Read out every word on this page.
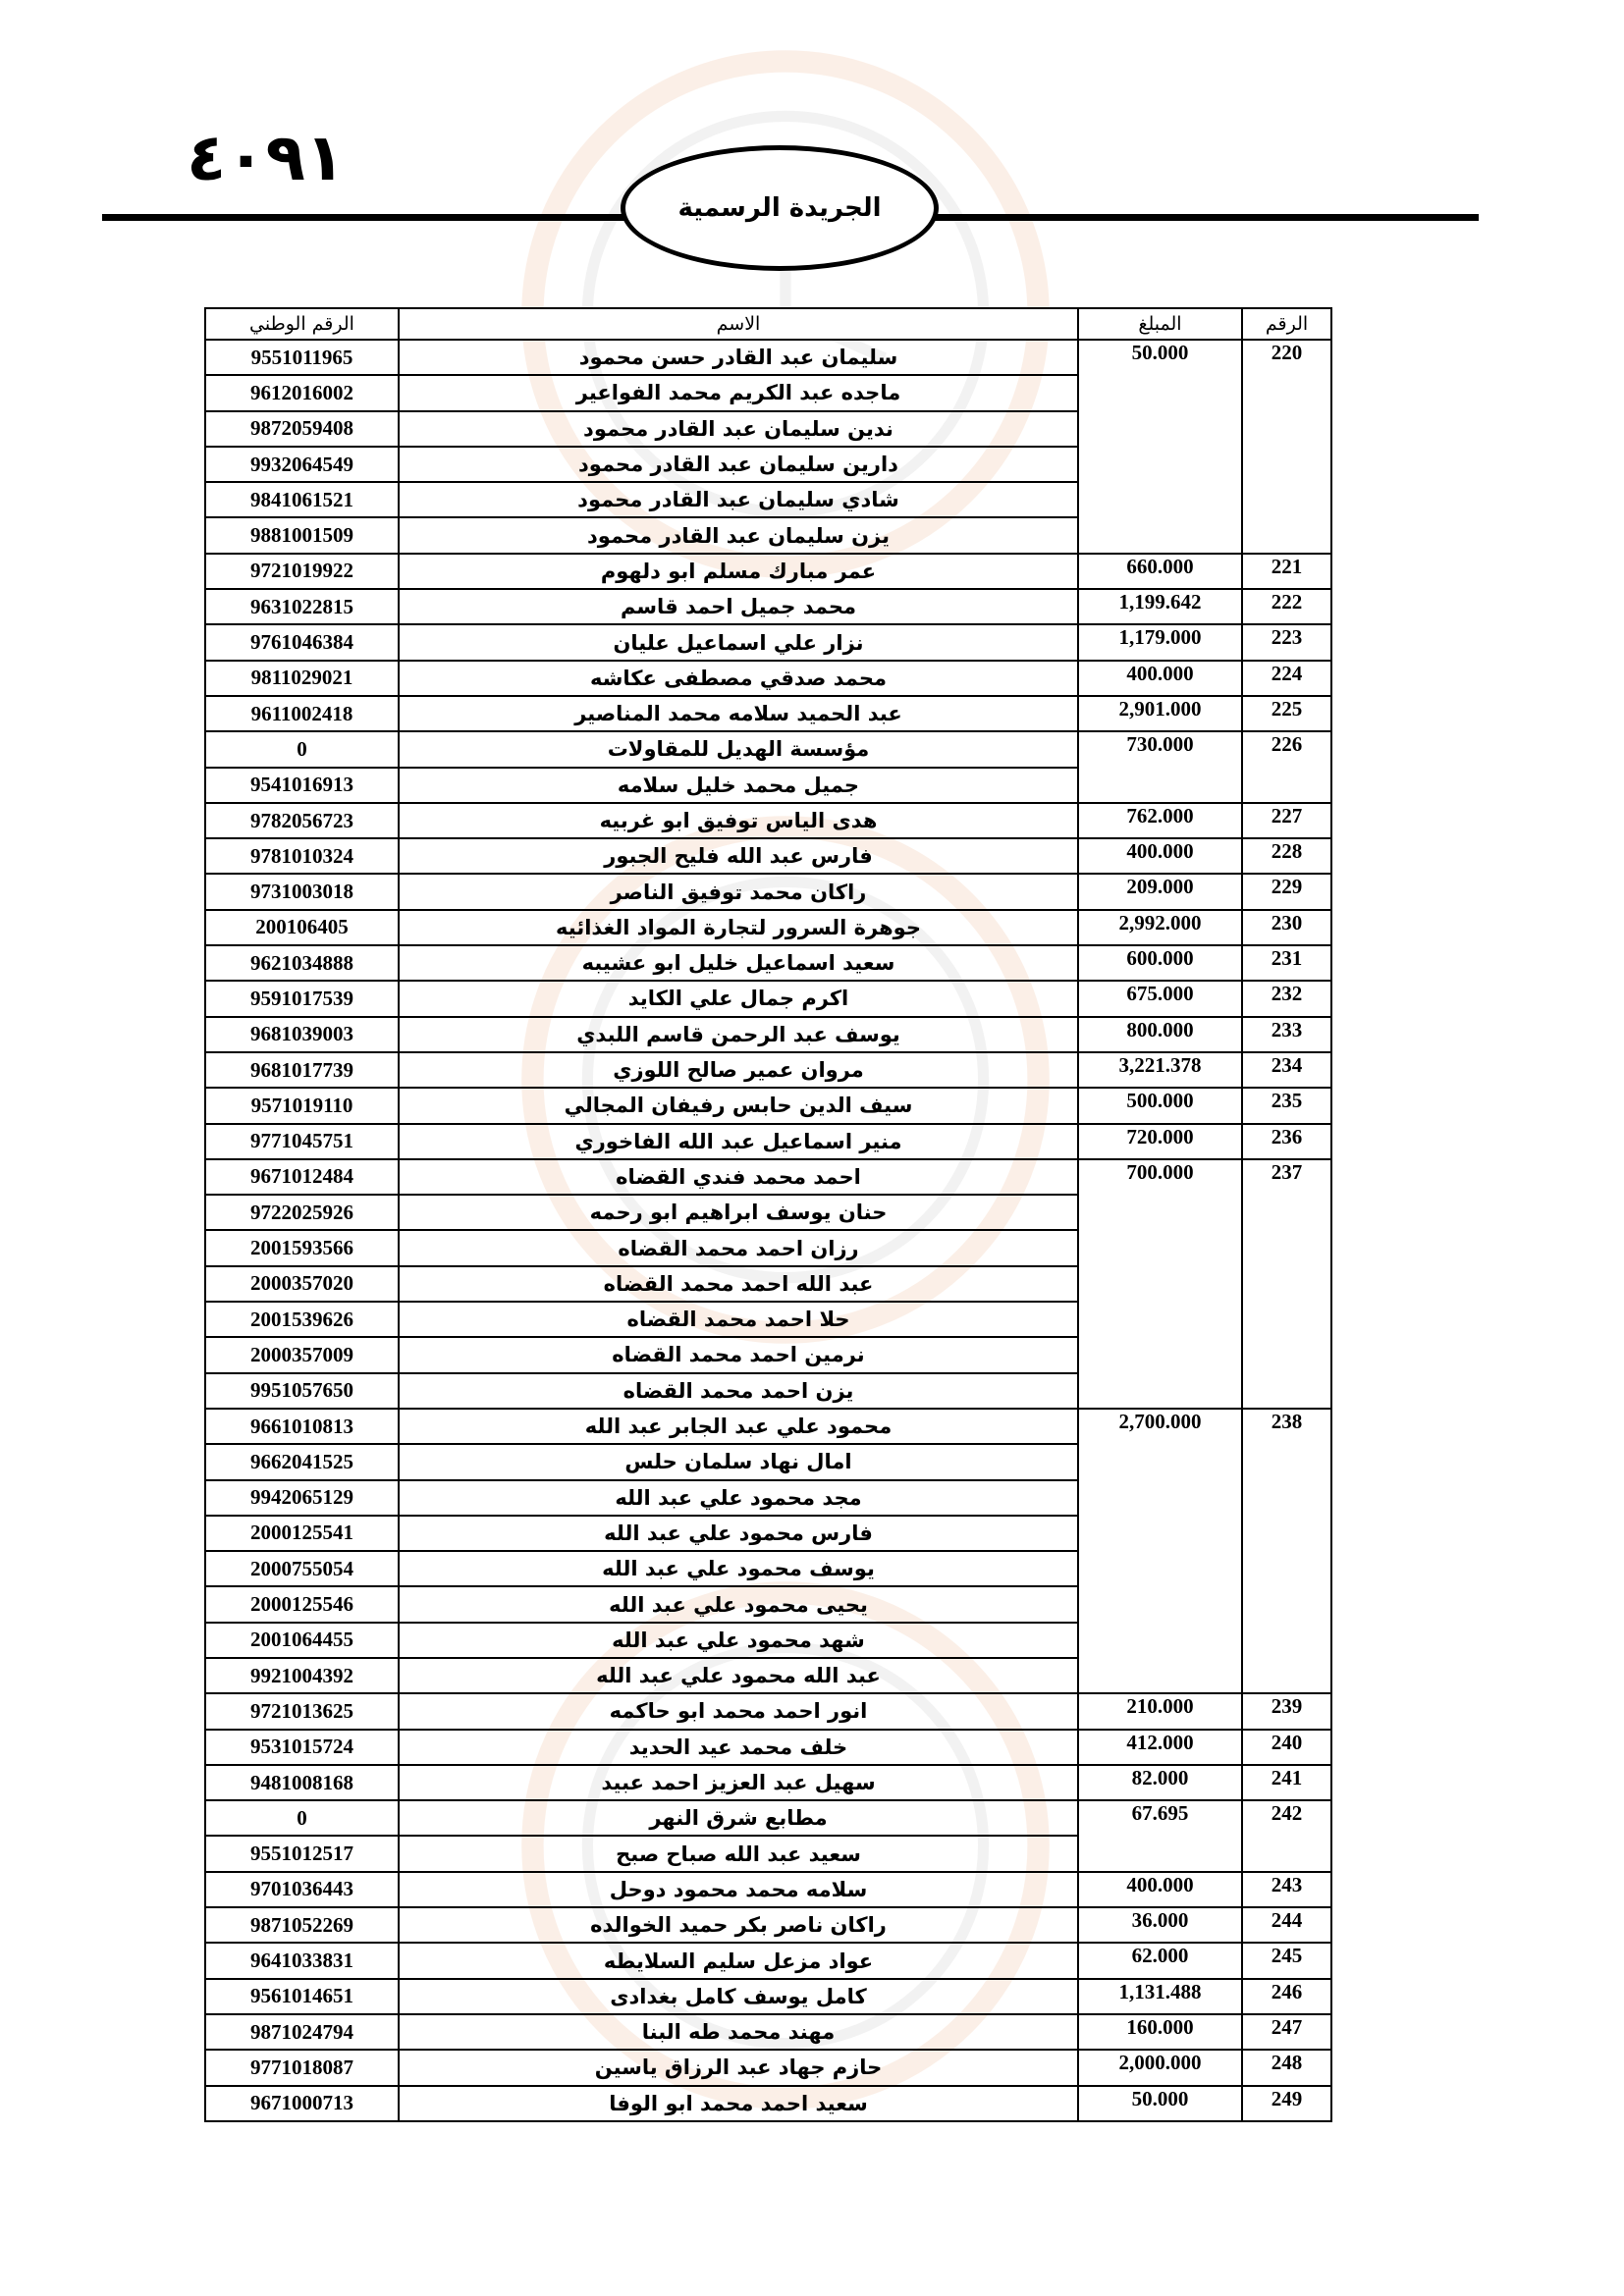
٤٠٩١
الجريدة الرسمية
الرقم الوطني	الاسم	المبلغ	الرقم
9551011965	سليمان عبد القادر حسن محمود	50.000	220
9612016002	ماجده عبد الكريم محمد الفواعير		
9872059408	ندين سليمان عبد القادر محمود		
9932064549	دارين سليمان عبد القادر محمود		
9841061521	شادي سليمان عبد القادر محمود		
9881001509	يزن سليمان عبد القادر محمود		
9721019922	عمر مبارك مسلم ابو دلهوم	660.000	221
9631022815	محمد جميل احمد قاسم	1,199.642	222
9761046384	نزار علي اسماعيل عليان	1,179.000	223
9811029021	محمد صدقي مصطفى عكاشه	400.000	224
9611002418	عبد الحميد سلامه محمد المناصير	2,901.000	225
0	مؤسسة الهديل للمقاولات	730.000	226
9541016913	جميل محمد خليل سلامه		
9782056723	هدى الياس توفيق ابو غربيه	762.000	227
9781010324	فارس عبد الله فليح الجبور	400.000	228
9731003018	راكان محمد توفيق الناصر	209.000	229
200106405	جوهرة السرور لتجارة المواد الغذائيه	2,992.000	230
9621034888	سعيد اسماعيل خليل ابو عشيبه	600.000	231
9591017539	اكرم جمال علي الكايد	675.000	232
9681039003	يوسف عبد الرحمن قاسم اللبدي	800.000	233
9681017739	مروان عمير صالح اللوزي	3,221.378	234
9571019110	سيف الدين حابس رفيفان المجالي	500.000	235
9771045751	منير اسماعيل عبد الله الفاخوري	720.000	236
9671012484	احمد محمد فندي القضاه	700.000	237
9722025926	حنان يوسف ابراهيم ابو رحمه		
2001593566	رزان احمد محمد القضاه		
2000357020	عبد الله احمد محمد القضاه		
2001539626	حلا احمد محمد القضاه		
2000357009	نرمين احمد محمد القضاه		
9951057650	يزن احمد محمد القضاه		
9661010813	محمود علي عبد الجابر عبد الله	2,700.000	238
9662041525	امال نهاد سلمان حلس		
9942065129	مجد محمود علي عبد الله		
2000125541	فارس محمود علي عبد الله		
2000755054	يوسف محمود علي عبد الله		
2000125546	يحيى محمود علي عبد الله		
2001064455	شهد محمود علي عبد الله		
9921004392	عبد الله محمود علي عبد الله		
9721013625	انور احمد محمد ابو حاكمه	210.000	239
9531015724	خلف محمد عيد الحديد	412.000	240
9481008168	سهيل عبد العزيز احمد عبيد	82.000	241
0	مطابع شرق النهر	67.695	242
9551012517	سعيد عبد الله صباح صبح		
9701036443	سلامه محمد محمود دوحل	400.000	243
9871052269	راكان ناصر بكر حميد الخوالده	36.000	244
9641033831	عواد مزعل سليم السلايطه	62.000	245
9561014651	كامل يوسف كامل بغدادى	1,131.488	246
9871024794	مهند محمد طه البنا	160.000	247
9771018087	حازم جهاد عبد الرزاق ياسين	2,000.000	248
9671000713	سعيد احمد محمد ابو الوفا	50.000	249
